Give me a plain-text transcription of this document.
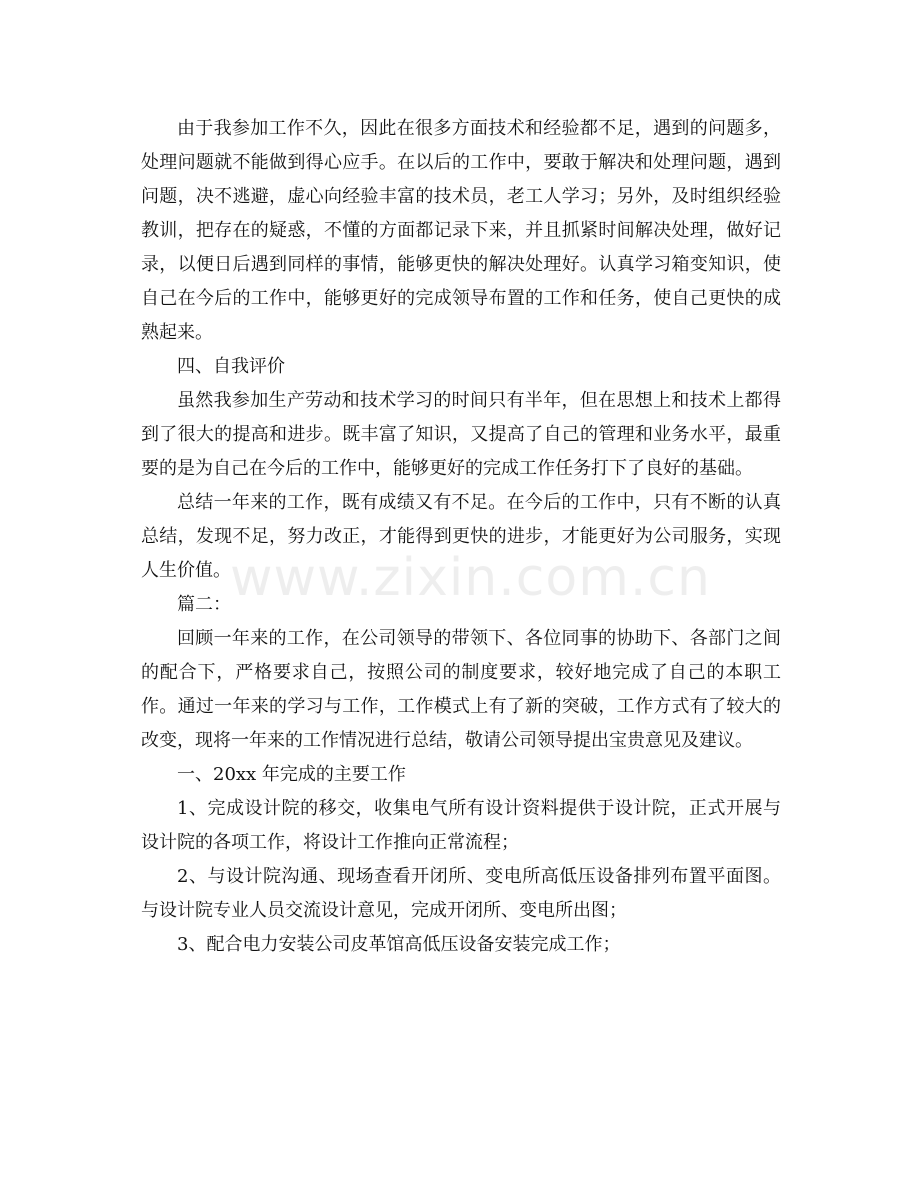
www.zixin.com.cn
由于我参加工作不久，因此在很多方面技术和经验都不足，遇到的问题多，
处理问题就不能做到得心应手。在以后的工作中，要敢于解决和处理问题，遇到
问题，决不逃避，虚心向经验丰富的技术员，老工人学习；另外，及时组织经验
教训，把存在的疑惑，不懂的方面都记录下来，并且抓紧时间解决处理，做好记
录，以便日后遇到同样的事情，能够更快的解决处理好。认真学习箱变知识，使
自己在今后的工作中，能够更好的完成领导布置的工作和任务，使自己更快的成
熟起来。
四、自我评价
虽然我参加生产劳动和技术学习的时间只有半年，但在思想上和技术上都得
到了很大的提高和进步。既丰富了知识，又提高了自己的管理和业务水平，最重
要的是为自己在今后的工作中，能够更好的完成工作任务打下了良好的基础。
总结一年来的工作，既有成绩又有不足。在今后的工作中，只有不断的认真
总结，发现不足，努力改正，才能得到更快的进步，才能更好为公司服务，实现
人生价值。
篇二：
回顾一年来的工作，在公司领导的带领下、各位同事的协助下、各部门之间
的配合下，严格要求自己，按照公司的制度要求，较好地完成了自己的本职工
作。通过一年来的学习与工作，工作模式上有了新的突破，工作方式有了较大的
改变，现将一年来的工作情况进行总结，敬请公司领导提出宝贵意见及建议。
一、20xx 年完成的主要工作
1、完成设计院的移交，收集电气所有设计资料提供于设计院，正式开展与
设计院的各项工作，将设计工作推向正常流程；
2、与设计院沟通、现场查看开闭所、变电所高低压设备排列布置平面图。
与设计院专业人员交流设计意见，完成开闭所、变电所出图；
3、配合电力安装公司皮革馆高低压设备安装完成工作；
